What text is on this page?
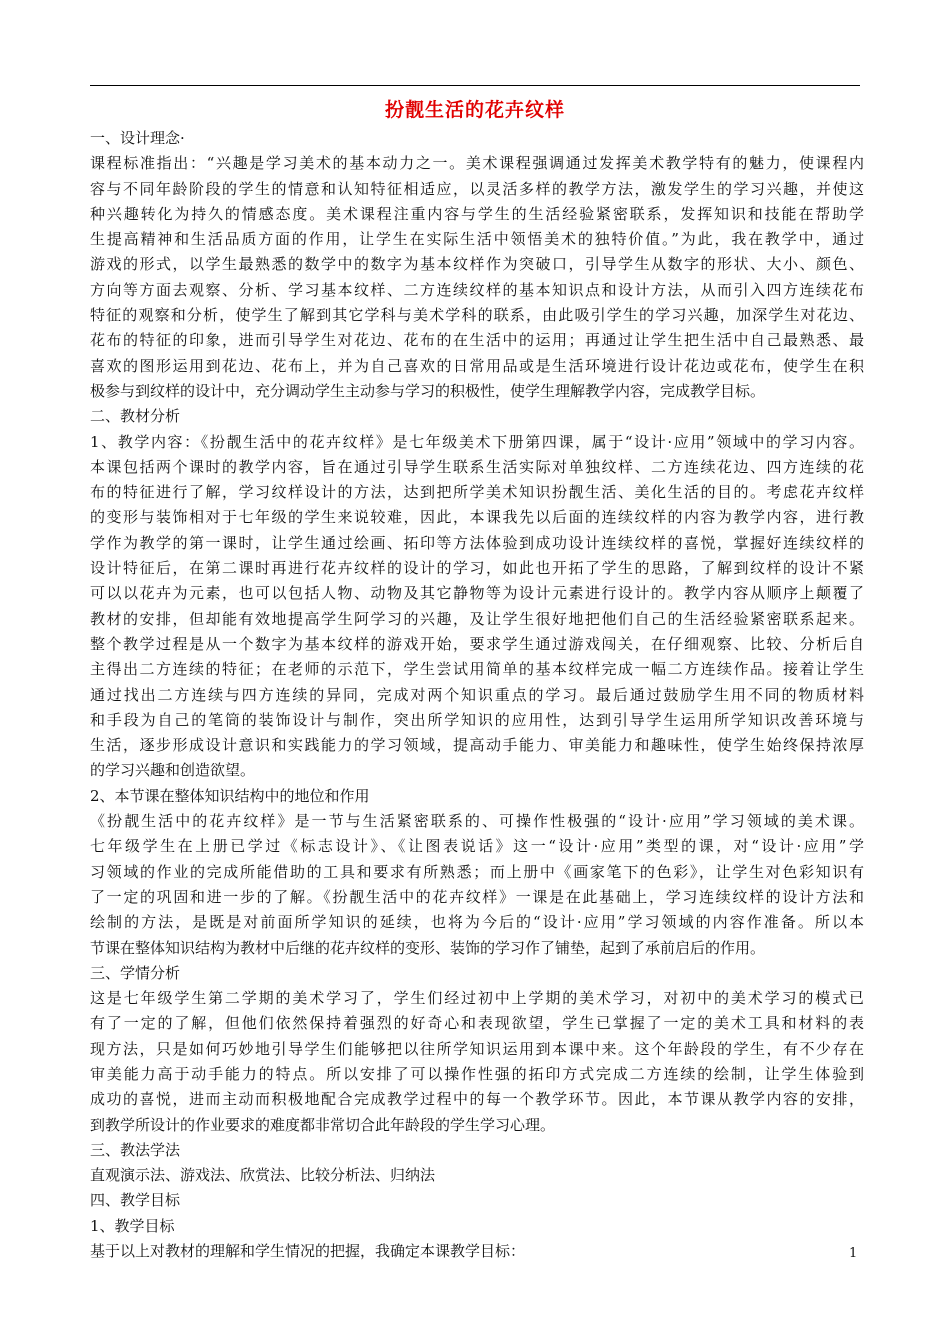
扮靓生活的花卉纹样
一、设计理念·
课程标准指出：“兴趣是学习美术的基本动力之一。美术课程强调通过发挥美术教学特有的魅力，使课程内
容与不同年龄阶段的学生的情意和认知特征相适应，以灵活多样的教学方法，激发学生的学习兴趣，并使这
种兴趣转化为持久的情感态度。美术课程注重内容与学生的生活经验紧密联系，发挥知识和技能在帮助学
生提高精神和生活品质方面的作用，让学生在实际生活中领悟美术的独特价值。”为此，我在教学中，通过
游戏的形式，以学生最熟悉的数学中的数字为基本纹样作为突破口，引导学生从数字的形状、大小、颜色、
方向等方面去观察、分析、学习基本纹样、二方连续纹样的基本知识点和设计方法，从而引入四方连续花布
特征的观察和分析，使学生了解到其它学科与美术学科的联系，由此吸引学生的学习兴趣，加深学生对花边、
花布的特征的印象，进而引导学生对花边、花布的在生活中的运用；再通过让学生把生活中自己最熟悉、最
喜欢的图形运用到花边、花布上，并为自己喜欢的日常用品或是生活环境进行设计花边或花布，使学生在积
极参与到纹样的设计中，充分调动学生主动参与学习的积极性，使学生理解教学内容，完成教学目标。
二、教材分析
1、教学内容：《扮靓生活中的花卉纹样》是七年级美术下册第四课，属于“设计·应用”领域中的学习内容。
本课包括两个课时的教学内容，旨在通过引导学生联系生活实际对单独纹样、二方连续花边、四方连续的花
布的特征进行了解，学习纹样设计的方法，达到把所学美术知识扮靓生活、美化生活的目的。考虑花卉纹样
的变形与装饰相对于七年级的学生来说较难，因此，本课我先以后面的连续纹样的内容为教学内容，进行教
学作为教学的第一课时，让学生通过绘画、拓印等方法体验到成功设计连续纹样的喜悦，掌握好连续纹样的
设计特征后，在第二课时再进行花卉纹样的设计的学习，如此也开拓了学生的思路，了解到纹样的设计不紧
可以以花卉为元素，也可以包括人物、动物及其它静物等为设计元素进行设计的。教学内容从顺序上颠覆了
教材的安排，但却能有效地提高学生阿学习的兴趣，及让学生很好地把他们自己的生活经验紧密联系起来。
整个教学过程是从一个数字为基本纹样的游戏开始，要求学生通过游戏闯关，在仔细观察、比较、分析后自
主得出二方连续的特征；在老师的示范下，学生尝试用简单的基本纹样完成一幅二方连续作品。接着让学生
通过找出二方连续与四方连续的异同，完成对两个知识重点的学习。最后通过鼓励学生用不同的物质材料
和手段为自己的笔筒的装饰设计与制作，突出所学知识的应用性，达到引导学生运用所学知识改善环境与
生活，逐步形成设计意识和实践能力的学习领域，提高动手能力、审美能力和趣味性，使学生始终保持浓厚
的学习兴趣和创造欲望。
2、本节课在整体知识结构中的地位和作用
《扮靓生活中的花卉纹样》是一节与生活紧密联系的、可操作性极强的“设计·应用”学习领域的美术课。
七年级学生在上册已学过《标志设计》、《让图表说话》这一“设计·应用”类型的课，对“设计·应用”学
习领域的作业的完成所能借助的工具和要求有所熟悉；而上册中《画家笔下的色彩》，让学生对色彩知识有
了一定的巩固和进一步的了解。《扮靓生活中的花卉纹样》一课是在此基础上，学习连续纹样的设计方法和
绘制的方法，是既是对前面所学知识的延续，也将为今后的“设计·应用”学习领域的内容作准备。所以本
节课在整体知识结构为教材中后继的花卉纹样的变形、装饰的学习作了铺垫，起到了承前启后的作用。
三、学情分析
这是七年级学生第二学期的美术学习了，学生们经过初中上学期的美术学习，对初中的美术学习的模式已
有了一定的了解，但他们依然保持着强烈的好奇心和表现欲望，学生已掌握了一定的美术工具和材料的表
现方法，只是如何巧妙地引导学生们能够把以往所学知识运用到本课中来。这个年龄段的学生，有不少存在
审美能力高于动手能力的特点。所以安排了可以操作性强的拓印方式完成二方连续的绘制，让学生体验到
成功的喜悦，进而主动而积极地配合完成教学过程中的每一个教学环节。因此，本节课从教学内容的安排，
到教学所设计的作业要求的难度都非常切合此年龄段的学生学习心理。
三、教法学法
直观演示法、游戏法、欣赏法、比较分析法、归纳法
四、教学目标
1、教学目标
基于以上对教材的理解和学生情况的把握，我确定本课教学目标：	1
